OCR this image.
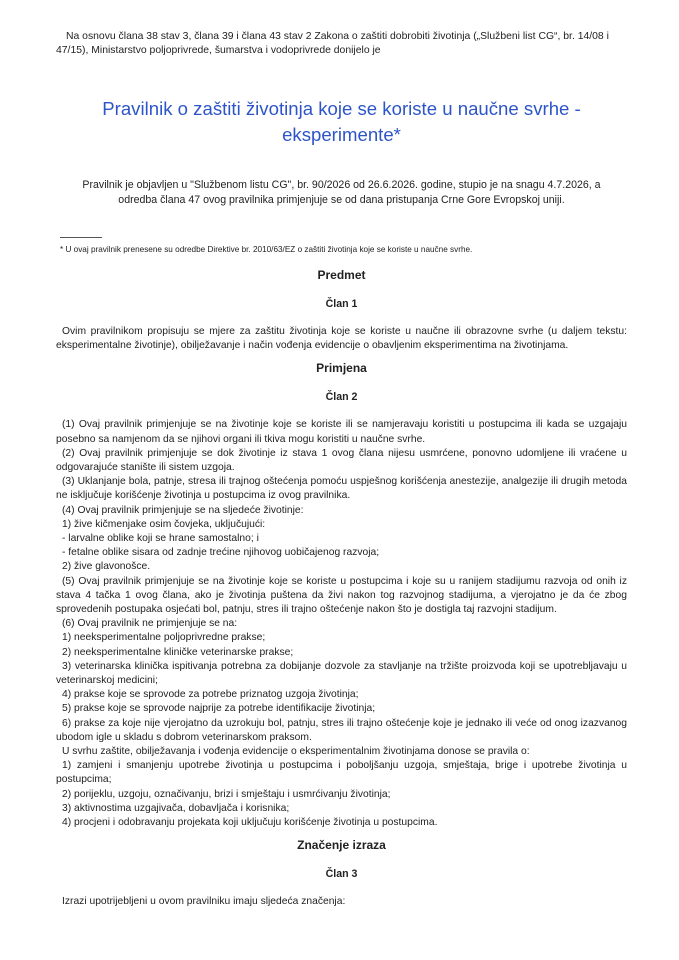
Na osnovu člana 38 stav 3, člana 39 i člana 43 stav 2 Zakona o zaštiti dobrobiti životinja („Službeni list CG“, br. 14/08 i 47/15), Ministarstvo poljoprivrede, šumarstva i vodoprivrede donijelo je

Pravilnik o zaštiti životinja koje se koriste u naučne svrhe - eksperimente*

Pravilnik je objavljen u "Službenom listu CG", br. 90/2026 od 26.6.2026. godine, stupio je na snagu 4.7.2026, a odredba člana 47 ovog pravilnika primjenjuje se od dana pristupanja Crne Gore Evropskoj uniji.

* U ovaj pravilnik prenesene su odredbe Direktive br. 2010/63/EZ o zaštiti životinja koje se koriste u naučne svrhe.

Predmet
Član 1

Ovim pravilnikom propisuju se mjere za zaštitu životinja koje se koriste u naučne ili obrazovne svrhe (u daljem tekstu: eksperimentalne životinje), obilježavanje i način vođenja evidencije o obavljenim eksperimentima na životinjama.

Primjena
Član 2

(1) Ovaj pravilnik primjenjuje se na životinje koje se koriste ili se namjeravaju koristiti u postupcima ili kada se uzgajaju posebno sa namjenom da se njihovi organi ili tkiva mogu koristiti u naučne svrhe.

(2) Ovaj pravilnik primjenjuje se dok životinje iz stava 1 ovog člana nijesu usmrćene, ponovno udomljene ili vraćene u odgovarajuće stanište ili sistem uzgoja.

(3) Uklanjanje bola, patnje, stresa ili trajnog oštećenja pomoću uspješnog korišćenja anestezije, analgezije ili drugih metoda ne isključuje korišćenje životinja u postupcima iz ovog pravilnika.

(4) Ovaj pravilnik primjenjuje se na sljedeće životinje:

1) žive kičmenjake osim čovjeka, uključujući:

- larvalne oblike koji se hrane samostalno; i

- fetalne oblike sisara od zadnje trećine njihovog uobičajenog razvoja;

2) žive glavonošce.

(5) Ovaj pravilnik primjenjuje se na životinje koje se koriste u postupcima i koje su u ranijem stadijumu razvoja od onih iz stava 4 tačka 1 ovog člana, ako je životinja puštena da živi nakon tog razvojnog stadijuma, a vjerojatno je da će zbog sprovedenih postupaka osjećati bol, patnju, stres ili trajno oštećenje nakon što je dostigla taj razvojni stadijum.

(6) Ovaj pravilnik ne primjenjuje se na:

1) neeksperimentalne poljoprivredne prakse;

2) neeksperimentalne kliničke veterinarske prakse;

3) veterinarska klinička ispitivanja potrebna za dobijanje dozvole za stavljanje na tržište proizvoda koji se upotrebljavaju u veterinarskoj medicini;

4) prakse koje se sprovode za potrebe priznatog uzgoja životinja;

5) prakse koje se sprovode najprije za potrebe identifikacije životinja;

6) prakse za koje nije vjerojatno da uzrokuju bol, patnju, stres ili trajno oštećenje koje je jednako ili veće od onog izazvanog ubodom igle u skladu s dobrom veterinarskom praksom.

U svrhu zaštite, obilježavanja i vođenja evidencije o eksperimentalnim životinjama donose se pravila o:

1) zamjeni i smanjenju upotrebe životinja u postupcima i poboljšanju uzgoja, smještaja, brige i upotrebe životinja u postupcima;

2) porijeklu, uzgoju, označivanju, brizi i smještaju i usmrćivanju životinja;

3) aktivnostima uzgajivača, dobavljača i korisnika;

4) procjeni i odobravanju projekata koji uključuju korišćenje životinja u postupcima.

Značenje izraza
Član 3

Izrazi upotrijebljeni u ovom pravilniku imaju sljedeća značenja:
